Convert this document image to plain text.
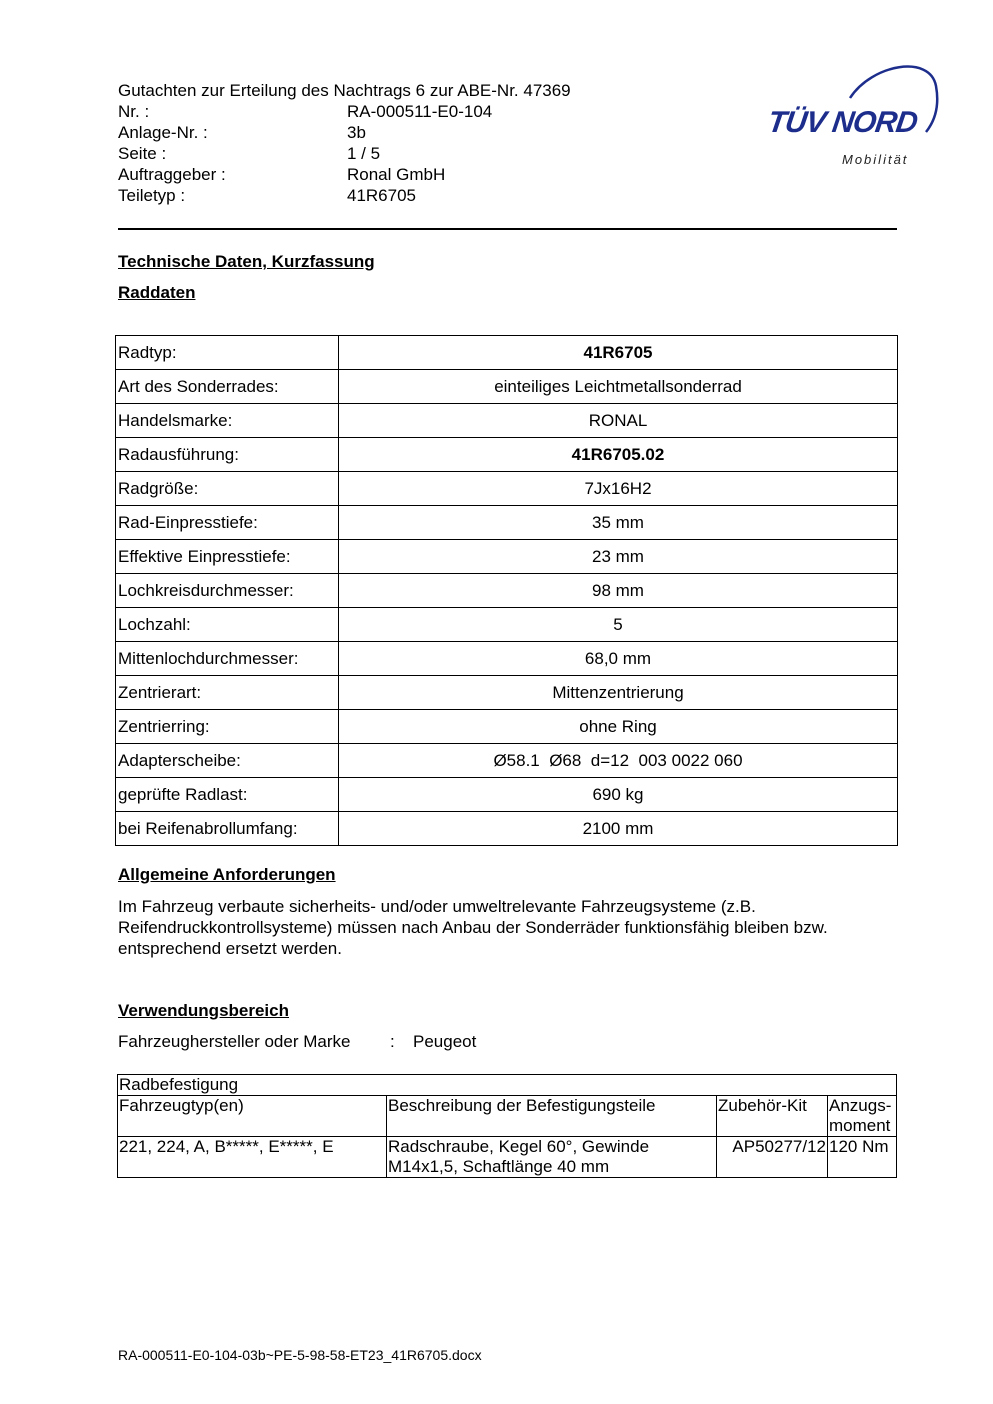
Gutachten zur Erteilung des Nachtrags 6 zur ABE-Nr. 47369
Nr. :	RA-000511-E0-104
Anlage-Nr. :	3b
Seite :	1 / 5
Auftraggeber :	Ronal GmbH
Teiletyp :	41R6705
TÜV NORD
Mobilität
Technische Daten, Kurzfassung
Raddaten
Radtyp:	41R6705
Art des Sonderrades:	einteiliges Leichtmetallsonderrad
Handelsmarke:	RONAL
Radausführung:	41R6705.02
Radgröße:	7Jx16H2
Rad-Einpresstiefe:	35 mm
Effektive Einpresstiefe:	23 mm
Lochkreisdurchmesser:	98 mm
Lochzahl:	5
Mittenlochdurchmesser:	68,0 mm
Zentrierart:	Mittenzentrierung
Zentrierring:	ohne Ring
Adapterscheibe:	Ø58.1  Ø68  d=12  003 0022 060
geprüfte Radlast:	690 kg
bei Reifenabrollumfang:	2100 mm
Allgemeine Anforderungen
Im Fahrzeug verbaute sicherheits- und/oder umweltrelevante Fahrzeugsysteme (z.B. Reifendruckkontrollsysteme) müssen nach Anbau der Sonderräder funktionsfähig bleiben bzw. entsprechend ersetzt werden.
Verwendungsbereich
Fahrzeughersteller oder Marke	:	Peugeot
Radbefestigung			
Fahrzeugtyp(en)	Beschreibung der Befestigungsteile	Zubehör-Kit	Anzugs-moment
221, 224, A, B*****, E*****, E	Radschraube, Kegel 60°, Gewinde M14x1,5, Schaftlänge 40 mm	AP50277/12	120 Nm
RA-000511-E0-104-03b~PE-5-98-58-ET23_41R6705.docx
